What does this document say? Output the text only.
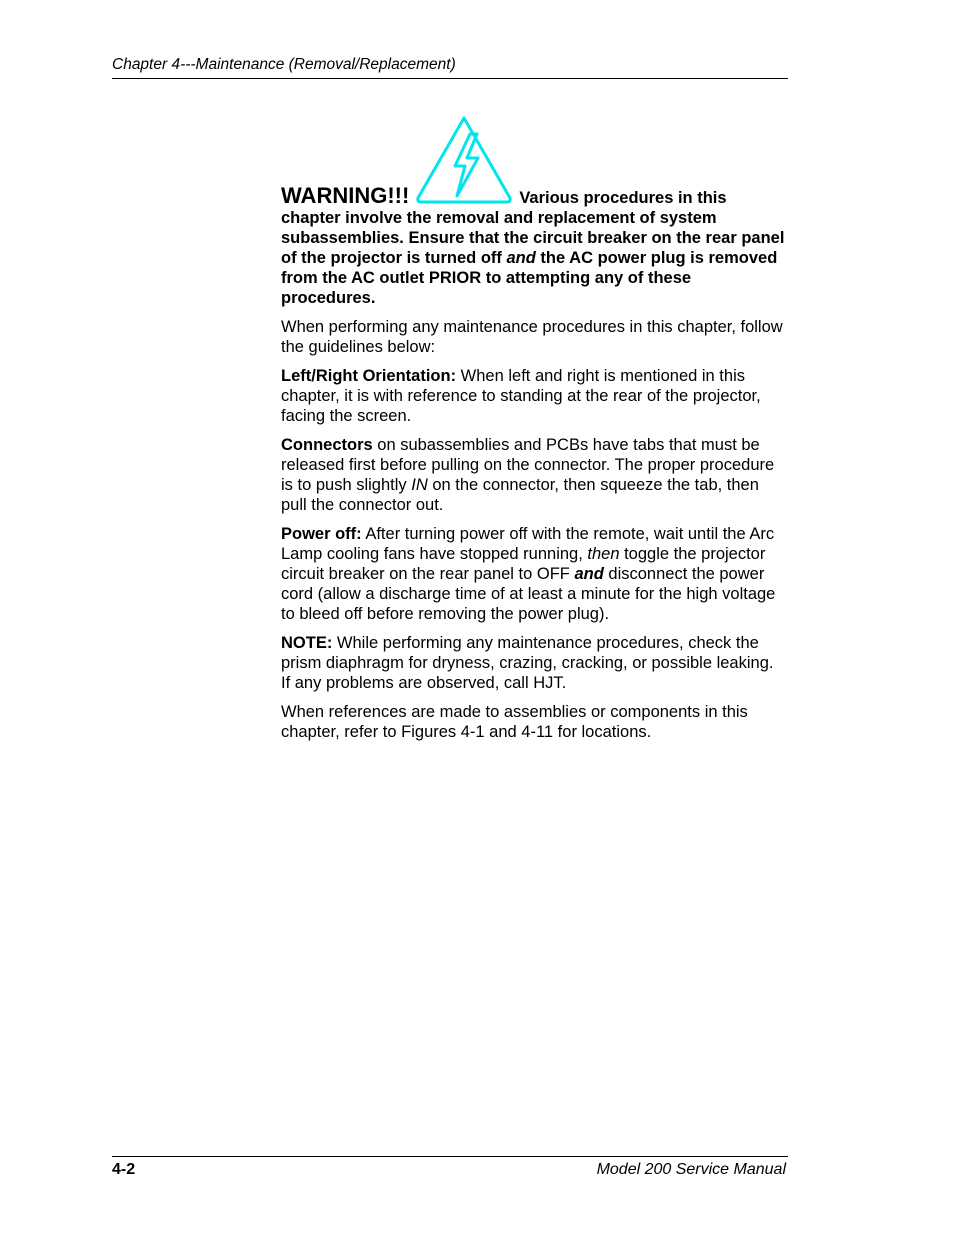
Chapter 4---Maintenance (Removal/Replacement)

WARNING!!!	Various procedures in this chapter involve the removal and replacement of system subassemblies. Ensure that the circuit breaker on the rear panel of the projector is turned off and the AC power plug is removed from the AC outlet PRIOR to attempting any of these procedures.

When performing any maintenance procedures in this chapter, follow the guidelines below:

Left/Right Orientation: When left and right is mentioned in this chapter, it is with reference to standing at the rear of the projector, facing the screen.

Connectors on subassemblies and PCBs have tabs that must be released first before pulling on the connector. The proper procedure is to push slightly IN on the connector, then squeeze the tab, then pull the connector out.

Power off: After turning power off with the remote, wait until the Arc Lamp cooling fans have stopped running, then toggle the projector circuit breaker on the rear panel to OFF and disconnect the power cord (allow a discharge time of at least a minute for the high voltage to bleed off before removing the power plug).

NOTE: While performing any maintenance procedures, check the prism diaphragm for dryness, crazing, cracking, or possible leaking. If any problems are observed, call HJT.

When references are made to assemblies or components in this chapter, refer to Figures 4-1 and 4-11 for locations.

4-2	Model 200 Service Manual
